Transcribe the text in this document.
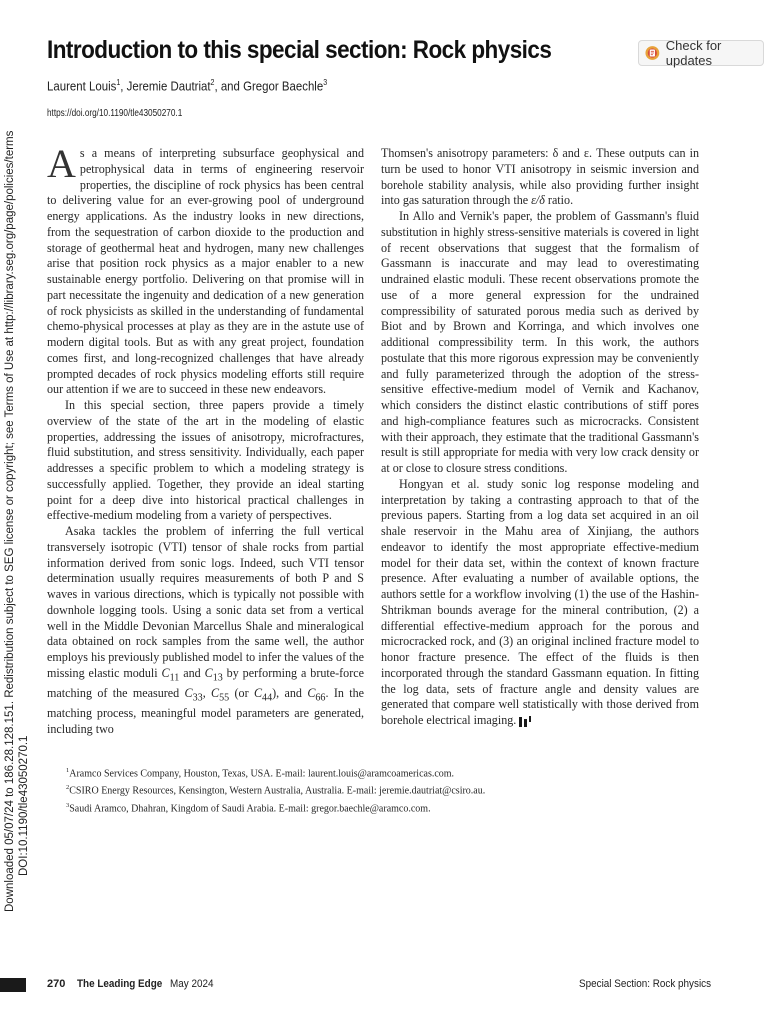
Downloaded 05/07/24 to 186.28.128.151. Redistribution subject to SEG license or copyright; see Terms of Use at http://library.seg.org/page/policies/terms DOI:10.1190/tle43050270.1
Introduction to this special section: Rock physics	Check for updates
Laurent Louis$^1$, Jeremie Dautriat$^2$, and Gregor Baechle$^3$
https://doi.org/10.1190/tle43050270.1

As a means of interpreting subsurface geophysical and petrophysical data in terms of engineering reservoir properties, the discipline of rock physics has been central to delivering value for an ever-growing pool of underground energy applications. As the industry looks in new directions, from the sequestration of carbon dioxide to the production and storage of geothermal heat and hydrogen, many new challenges arise that position rock physics as a major enabler to a new sustainable energy portfolio. Delivering on that promise will in part necessitate the ingenuity and dedication of a new generation of rock physicists as skilled in the understanding of fundamental chemo-physical processes at play as they are in the astute use of modern digital tools. But as with any great project, foundation comes first, and long-recognized challenges that have already prompted decades of rock physics modeling efforts still require our attention if we are to succeed in these new endeavors.

In this special section, three papers provide a timely overview of the state of the art in the modeling of elastic properties, addressing the issues of anisotropy, microfractures, fluid substitution, and stress sensitivity. Individually, each paper addresses a specific problem to which a modeling strategy is successfully applied. Together, they provide an ideal starting point for a deep dive into historical practical challenges in effective-medium modeling from a variety of perspectives.

Asaka tackles the problem of inferring the full vertical transversely isotropic (VTI) tensor of shale rocks from partial information derived from sonic logs. Indeed, such VTI tensor determination usually requires measurements of both P and S waves in various directions, which is typically not possible with downhole logging tools. Using a sonic data set from a vertical well in the Middle Devonian Marcellus Shale and mineralogical data obtained on rock samples from the same well, the author employs his previously published model to infer the values of the missing elastic moduli $C_{11}$ and $C_{13}$ by performing a brute-force matching of the measured $C_{33}$, $C_{55}$ (or $C_{44}$), and $C_{66}$. In the matching process, meaningful model parameters are generated, including two

Thomsen's anisotropy parameters: δ and ε. These outputs can in turn be used to honor VTI anisotropy in seismic inversion and borehole stability analysis, while also providing further insight into gas saturation through the ε/δ ratio.

In Allo and Vernik's paper, the problem of Gassmann's fluid substitution in highly stress-sensitive materials is covered in light of recent observations that suggest that the formalism of Gassmann is inaccurate and may lead to overestimating undrained elastic moduli. These recent observations promote the use of a more general expression for the undrained compressibility of saturated porous media such as derived by Biot and by Brown and Korringa, and which involves one additional compressibility term. In this work, the authors postulate that this more rigorous expression may be conveniently and fully parameterized through the adoption of the stress-sensitive effective-medium model of Vernik and Kachanov, which considers the distinct elastic contributions of stiff pores and high-compliance features such as microcracks. Consistent with their approach, they estimate that the traditional Gassmann's result is still appropriate for media with very low crack density or at or close to closure stress conditions.

Hongyan et al. study sonic log response modeling and interpretation by taking a contrasting approach to that of the previous papers. Starting from a log data set acquired in an oil shale reservoir in the Mahu area of Xinjiang, the authors endeavor to identify the most appropriate effective-medium model for their data set, within the context of known fracture presence. After evaluating a number of available options, the authors settle for a workflow involving (1) the use of the Hashin-Shtrikman bounds average for the mineral contribution, (2) a differential effective-medium approach for the porous and microcracked rock, and (3) an original inclined fracture model to honor fracture presence. The effect of the fluids is then incorporated through the standard Gassmann equation. In fitting the log data, sets of fracture angle and density values are generated that compare well statistically with those derived from borehole electrical imaging.

$^1$Aramco Services Company, Houston, Texas, USA. E-mail: laurent.louis@aramcoamericas.com.
$^2$CSIRO Energy Resources, Kensington, Western Australia, Australia. E-mail: jeremie.dautriat@csiro.au.
$^3$Saudi Aramco, Dhahran, Kingdom of Saudi Arabia. E-mail: gregor.baechle@aramco.com.
270 The Leading Edge May 2024	Special Section: Rock physics
